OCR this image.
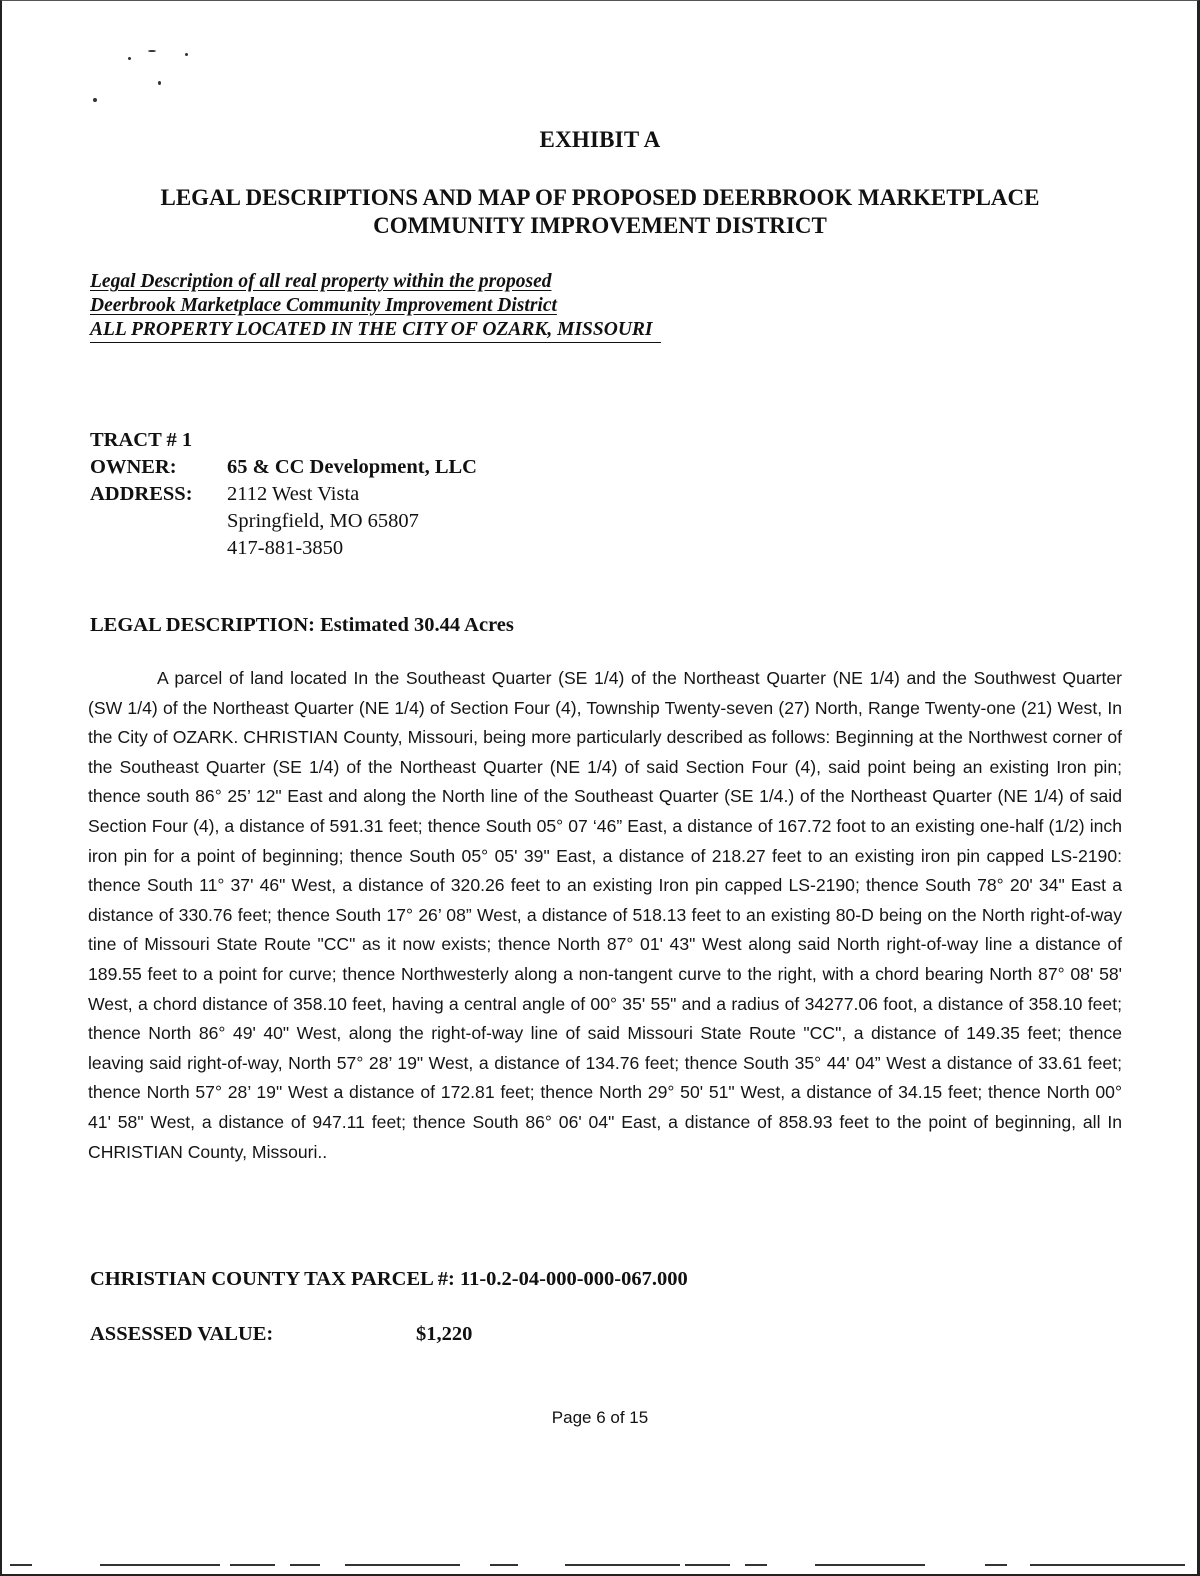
EXHIBIT A
LEGAL DESCRIPTIONS AND MAP OF PROPOSED DEERBROOK MARKETPLACE
COMMUNITY IMPROVEMENT DISTRICT
Legal Description of all real property within the proposed
Deerbrook Marketplace Community Improvement District
ALL PROPERTY LOCATED IN THE CITY OF OZARK, MISSOURI
TRACT # 1
OWNER:	65 & CC Development, LLC
ADDRESS:	2112 West Vista
Springfield, MO 65807
417-881-3850
LEGAL DESCRIPTION: Estimated 30.44 Acres
A parcel of land located In the Southeast Quarter (SE 1/4) of the Northeast Quarter (NE 1/4) and the Southwest Quarter (SW 1/4) of the Northeast Quarter (NE 1/4) of Section Four (4), Township Twenty-seven (27) North, Range Twenty-one (21) West, In the City of OZARK. CHRISTIAN County, Missouri, being more particularly described as follows: Beginning at the Northwest corner of the Southeast Quarter (SE 1/4) of the Northeast Quarter (NE 1/4) of said Section Four (4), said point being an existing Iron pin; thence south 86° 25’ 12" East and along the North line of the Southeast Quarter (SE 1/4.) of the Northeast Quarter (NE 1/4) of said Section Four (4), a distance of 591.31 feet; thence South 05° 07 ‘46” East, a distance of 167.72 foot to an existing one-half (1/2) inch iron pin for a point of beginning; thence South 05° 05' 39" East, a distance of 218.27 feet to an existing iron pin capped LS-2190: thence South 11° 37' 46" West, a distance of 320.26 feet to an existing Iron pin capped LS-2190; thence South 78° 20' 34" East a distance of 330.76 feet; thence South 17° 26’ 08” West, a distance of 518.13 feet to an existing 80-D being on the North right-of-way tine of Missouri State Route "CC" as it now exists; thence North 87° 01' 43" West along said North right-of-way line a distance of 189.55 feet to a point for curve; thence Northwesterly along a non-tangent curve to the right, with a chord bearing North 87° 08' 58' West, a chord distance of 358.10 feet, having a central angle of 00° 35' 55" and a radius of 34277.06 foot, a distance of 358.10 feet; thence North 86° 49' 40" West, along the right-of-way line of said Missouri State Route "CC", a distance of 149.35 feet; thence leaving said right-of-way, North 57° 28’ 19" West, a distance of 134.76 feet; thence South 35° 44' 04” West a distance of 33.61 feet; thence North 57° 28’ 19" West a distance of 172.81 feet; thence North 29° 50' 51" West, a distance of 34.15 feet; thence North 00° 41' 58" West, a distance of 947.11 feet; thence South 86° 06' 04" East, a distance of 858.93 feet to the point of beginning, all In CHRISTIAN County, Missouri..
CHRISTIAN COUNTY TAX PARCEL #: 11-0.2-04-000-000-067.000
ASSESSED VALUE:	$1,220
Page 6 of 15
